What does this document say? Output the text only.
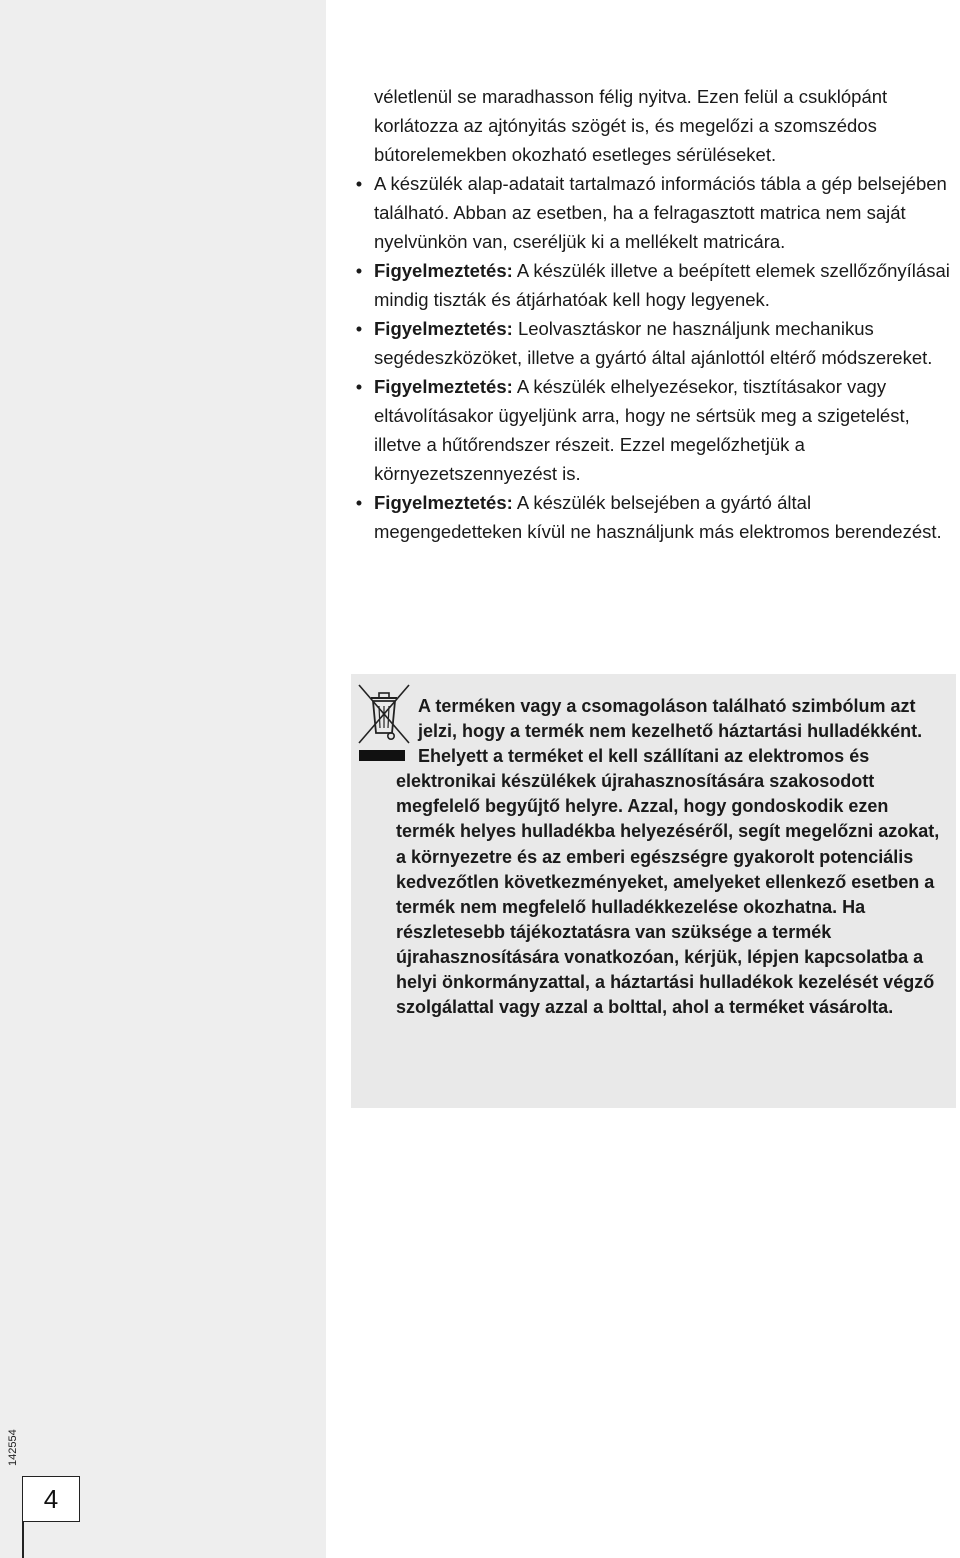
142554
4

véletlenül se maradhasson félig nyitva. Ezen felül a csuklópánt korlátozza az ajtónyitás szögét is, és megelőzi a szomszédos bútorelemekben okozható esetleges sérüléseket.

• A készülék alap-adatait tartalmazó információs tábla a gép belsejében található. Abban az esetben, ha a felragasztott matrica nem saját nyelvünkön van, cseréljük ki a mellékelt matricára.
• Figyelmeztetés: A készülék illetve a beépített elemek szellőzőnyílásai mindig tiszták és átjárhatóak kell hogy legyenek.
• Figyelmeztetés: Leolvasztáskor ne használjunk mechanikus segédeszközöket, illetve a gyártó által ajánlottól eltérő módszereket.
• Figyelmeztetés: A készülék elhelyezésekor, tisztításakor vagy eltávolításakor ügyeljünk arra, hogy ne sértsük meg a szigetelést, illetve a hűtőrendszer részeit. Ezzel megelőzhetjük a környezetszennyezést is.
• Figyelmeztetés: A készülék belsejében a gyártó által megengedetteken kívül ne használjunk más elektromos berendezést.

A terméken vagy a csomagoláson található szimbólum azt jelzi, hogy a termék nem kezelhető háztartási hulladékként. Ehelyett a terméket el kell szállítani az elektromos és elektronikai készülékek újrahasznosítására szakosodott megfelelő begyűjtő helyre. Azzal, hogy gondoskodik ezen termék helyes hulladékba helyezéséről, segít megelőzni azokat, a környezetre és az emberi egészségre gyakorolt potenciális kedvezőtlen következményeket, amelyeket ellenkező esetben a termék nem megfelelő hulladékkezelése okozhatna. Ha részletesebb tájékoztatásra van szüksége a termék újrahasznosítására vonatkozóan, kérjük, lépjen kapcsolatba a helyi önkormányzattal, a háztartási hulladékok kezelését végző szolgálattal vagy azzal a bolttal, ahol a terméket vásárolta.
